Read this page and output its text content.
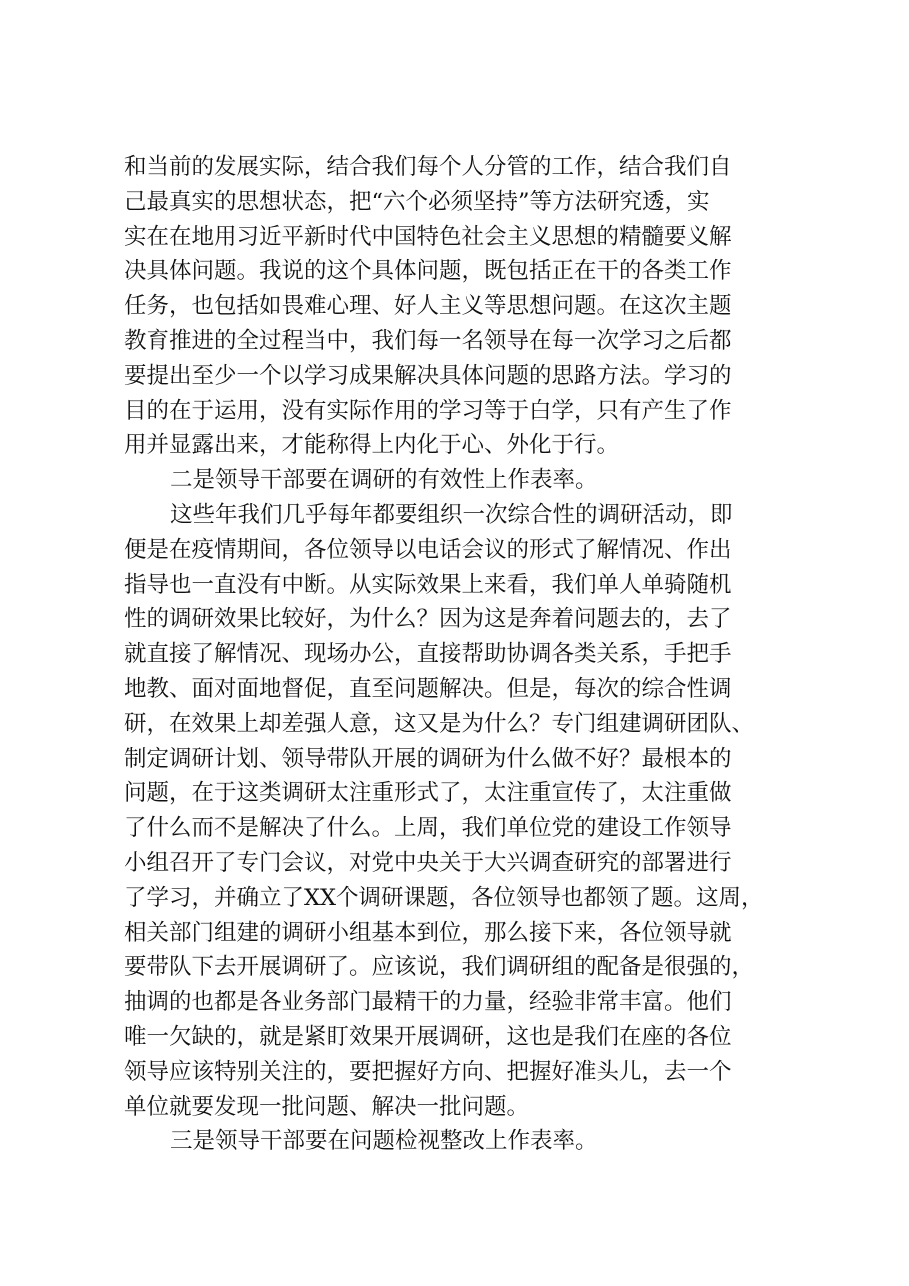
和当前的发展实际，结合我们每个人分管的工作，结合我们自
己最真实的思想状态，把“六个必须坚持”等方法研究透，实
实在在地用习近平新时代中国特色社会主义思想的精髓要义解
决具体问题。我说的这个具体问题，既包括正在干的各类工作
任务，也包括如畏难心理、好人主义等思想问题。在这次主题
教育推进的全过程当中，我们每一名领导在每一次学习之后都
要提出至少一个以学习成果解决具体问题的思路方法。学习的
目的在于运用，没有实际作用的学习等于白学，只有产生了作
用并显露出来，才能称得上内化于心、外化于行。
二是领导干部要在调研的有效性上作表率。
这些年我们几乎每年都要组织一次综合性的调研活动，即
便是在疫情期间，各位领导以电话会议的形式了解情况、作出
指导也一直没有中断。从实际效果上来看，我们单人单骑随机
性的调研效果比较好，为什么？因为这是奔着问题去的，去了
就直接了解情况、现场办公，直接帮助协调各类关系，手把手
地教、面对面地督促，直至问题解决。但是，每次的综合性调
研，在效果上却差强人意，这又是为什么？专门组建调研团队、
制定调研计划、领导带队开展的调研为什么做不好？最根本的
问题，在于这类调研太注重形式了，太注重宣传了，太注重做
了什么而不是解决了什么。上周，我们单位党的建设工作领导
小组召开了专门会议，对党中央关于大兴调查研究的部署进行
了学习，并确立了XX个调研课题，各位领导也都领了题。这周，
相关部门组建的调研小组基本到位，那么接下来，各位领导就
要带队下去开展调研了。应该说，我们调研组的配备是很强的，
抽调的也都是各业务部门最精干的力量，经验非常丰富。他们
唯一欠缺的，就是紧盯效果开展调研，这也是我们在座的各位
领导应该特别关注的，要把握好方向、把握好准头儿，去一个
单位就要发现一批问题、解决一批问题。
三是领导干部要在问题检视整改上作表率。
